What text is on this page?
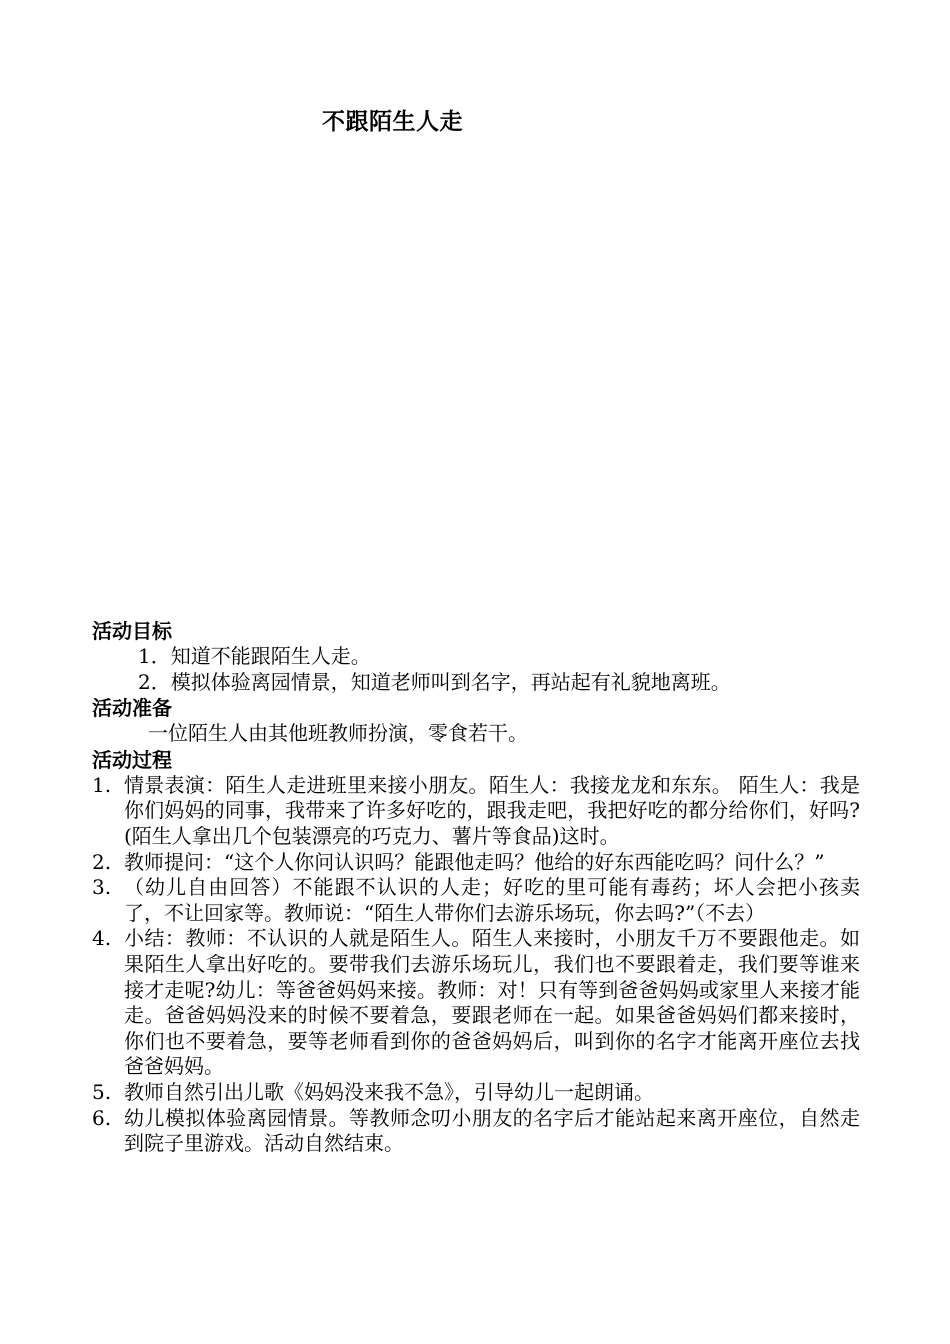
不跟陌生人走
活动目标
1．知道不能跟陌生人走。
2．模拟体验离园情景，知道老师叫到名字，再站起有礼貌地离班。
活动准备
一位陌生人由其他班教师扮演，零食若干。
活动过程
1. 情景表演：陌生人走进班里来接小朋友。陌生人：我接龙龙和东东。 陌生人：我是你们妈妈的同事，我带来了许多好吃的，跟我走吧，我把好吃的都分给你们，好吗?(陌生人拿出几个包装漂亮的巧克力、薯片等食品)这时。
2. 教师提问：“这个人你问认识吗？能跟他走吗？他给的好东西能吃吗？问什么？”
3. （幼儿自由回答）不能跟不认识的人走；好吃的里可能有毒药；坏人会把小孩卖了，不让回家等。教师说：“陌生人带你们去游乐场玩，你去吗?”（不去）
4. 小结：教师：不认识的人就是陌生人。陌生人来接时，小朋友千万不要跟他走。如果陌生人拿出好吃的。要带我们去游乐场玩儿，我们也不要跟着走，我们要等谁来接才走呢?幼儿：等爸爸妈妈来接。教师：对！只有等到爸爸妈妈或家里人来接才能走。爸爸妈妈没来的时候不要着急，要跟老师在一起。如果爸爸妈妈们都来接时，你们也不要着急，要等老师看到你的爸爸妈妈后，叫到你的名字才能离开座位去找爸爸妈妈。
5. 教师自然引出儿歌《妈妈没来我不急》，引导幼儿一起朗诵。
6. 幼儿模拟体验离园情景。等教师念叨小朋友的名字后才能站起来离开座位，自然走到院子里游戏。活动自然结束。
